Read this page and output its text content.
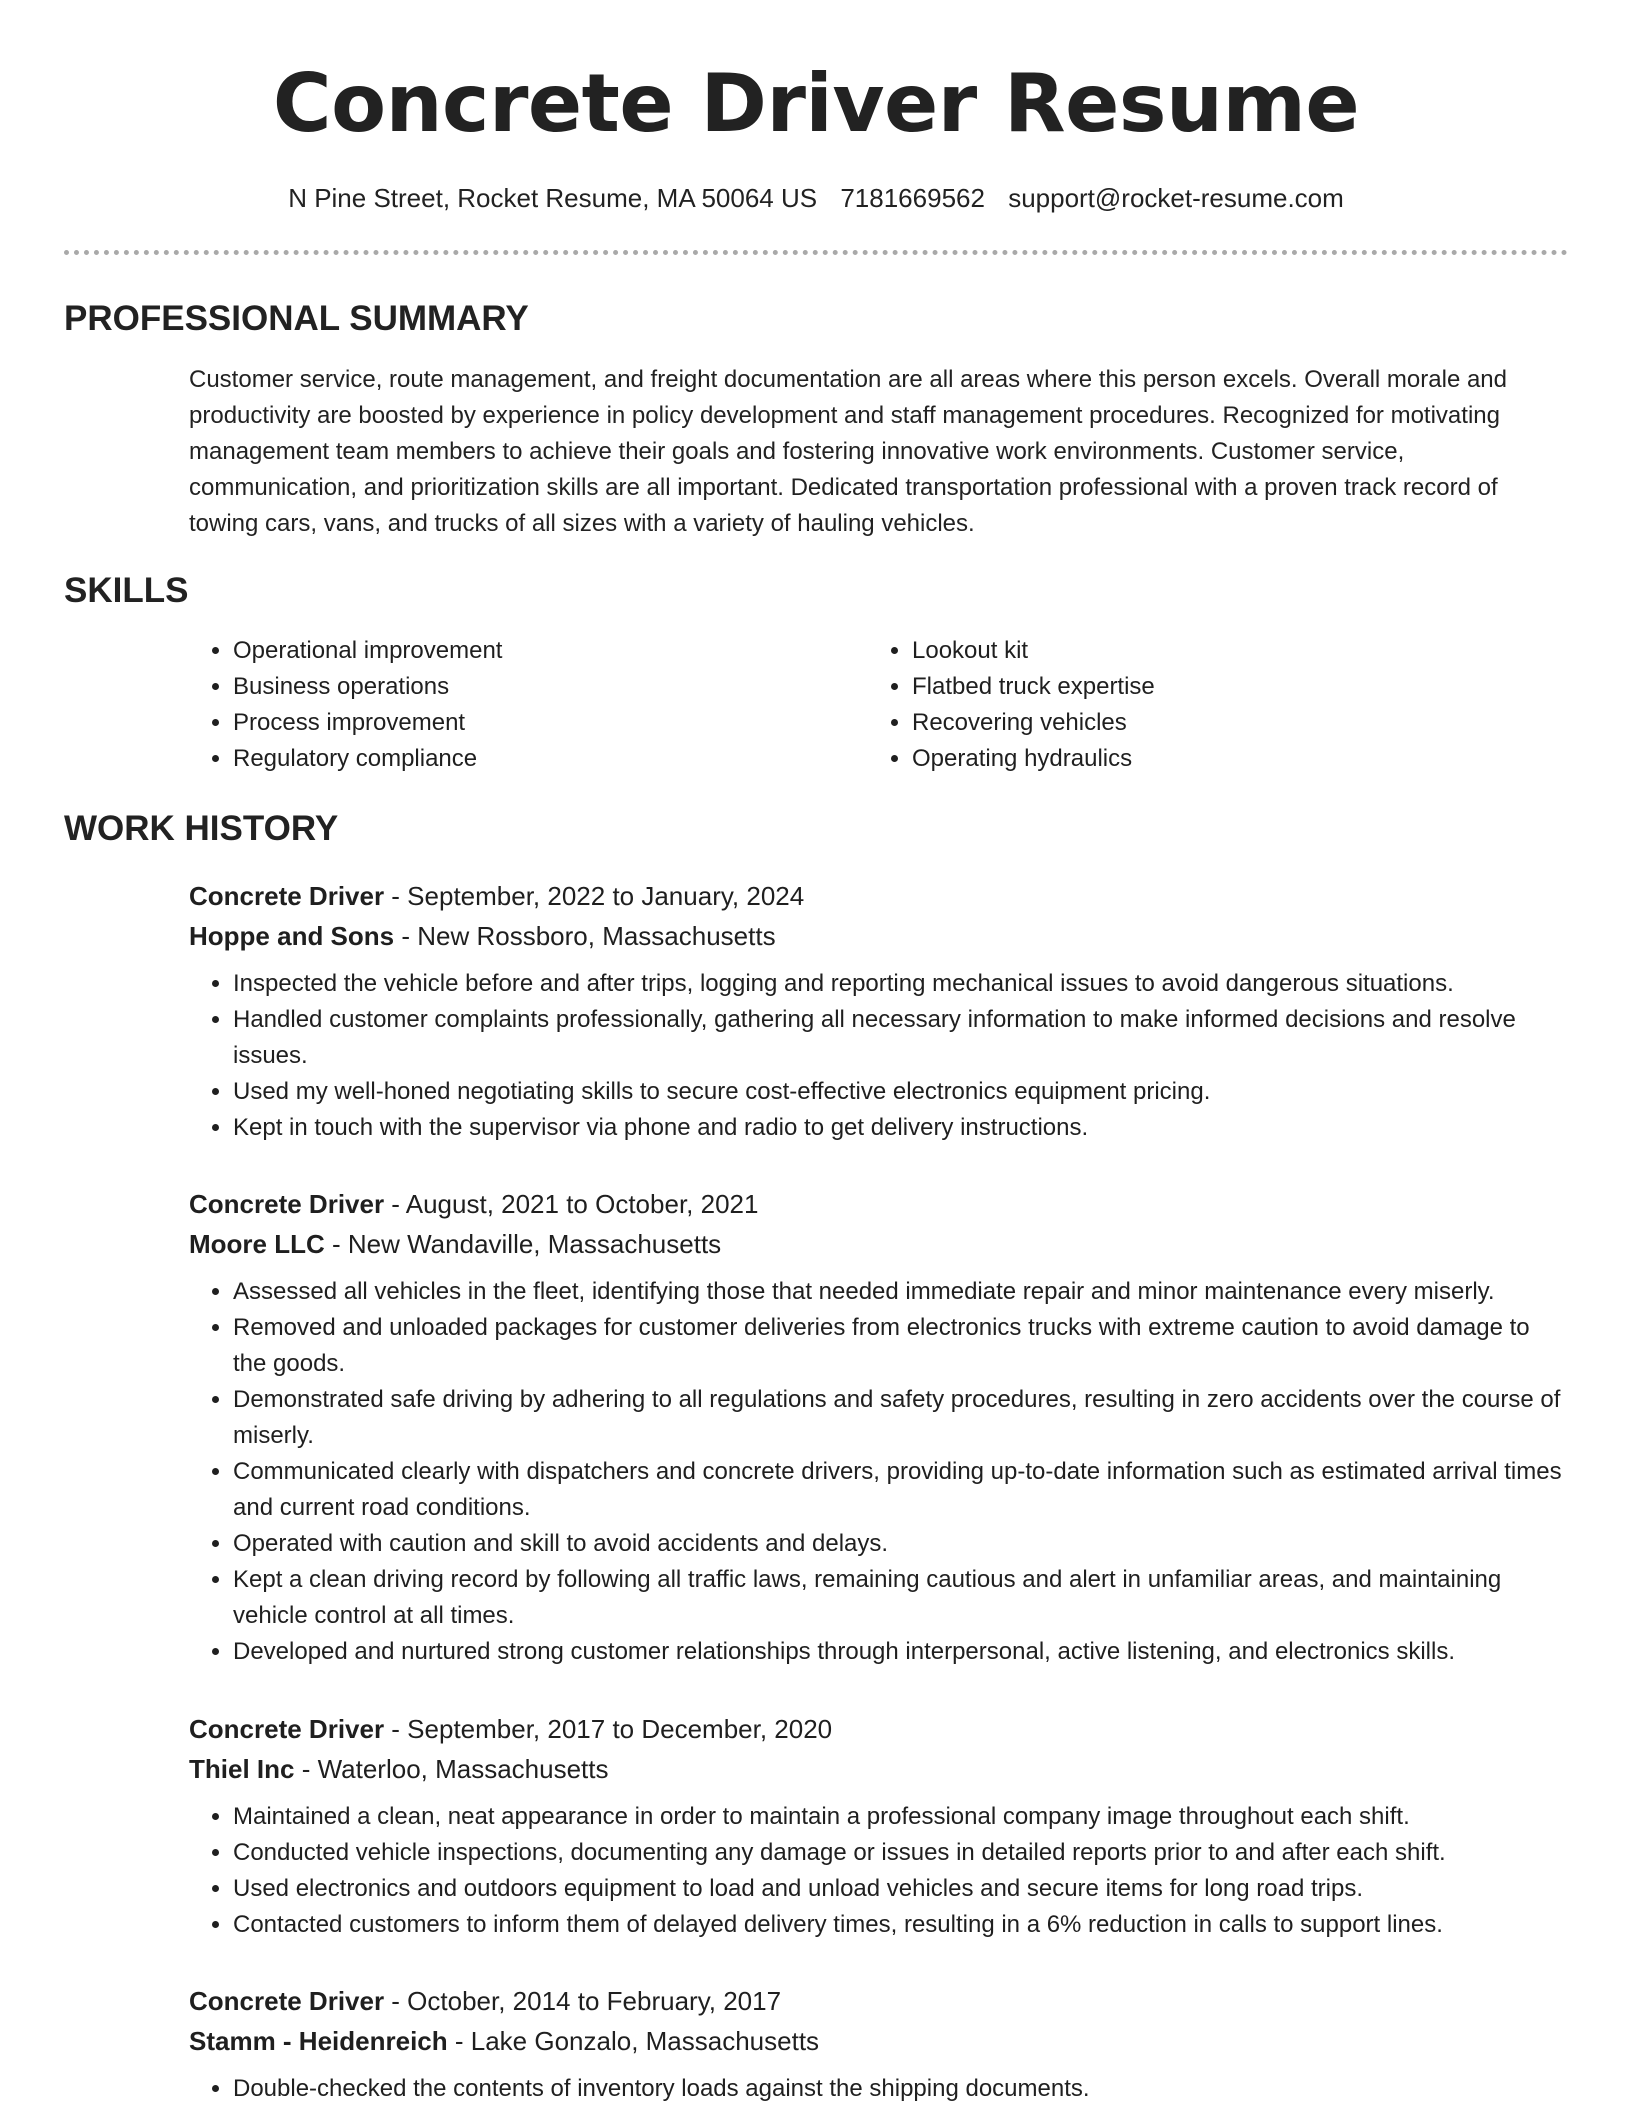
Concrete Driver Resume
N Pine Street, Rocket Resume, MA 50064 US 7181669562 support@rocket-resume.com
PROFESSIONAL SUMMARY
Customer service, route management, and freight documentation are all areas where this person excels. Overall morale and productivity are boosted by experience in policy development and staff management procedures. Recognized for motivating management team members to achieve their goals and fostering innovative work environments. Customer service, communication, and prioritization skills are all important. Dedicated transportation professional with a proven track record of towing cars, vans, and trucks of all sizes with a variety of hauling vehicles.
SKILLS
• Operational improvement
• Business operations
• Process improvement
• Regulatory compliance
• Lookout kit
• Flatbed truck expertise
• Recovering vehicles
• Operating hydraulics
WORK HISTORY
Concrete Driver - September, 2022 to January, 2024
Hoppe and Sons - New Rossboro, Massachusetts
• Inspected the vehicle before and after trips, logging and reporting mechanical issues to avoid dangerous situations.
• Handled customer complaints professionally, gathering all necessary information to make informed decisions and resolve issues.
• Used my well-honed negotiating skills to secure cost-effective electronics equipment pricing.
• Kept in touch with the supervisor via phone and radio to get delivery instructions.
Concrete Driver - August, 2021 to October, 2021
Moore LLC - New Wandaville, Massachusetts
• Assessed all vehicles in the fleet, identifying those that needed immediate repair and minor maintenance every miserly.
• Removed and unloaded packages for customer deliveries from electronics trucks with extreme caution to avoid damage to the goods.
• Demonstrated safe driving by adhering to all regulations and safety procedures, resulting in zero accidents over the course of miserly.
• Communicated clearly with dispatchers and concrete drivers, providing up-to-date information such as estimated arrival times and current road conditions.
• Operated with caution and skill to avoid accidents and delays.
• Kept a clean driving record by following all traffic laws, remaining cautious and alert in unfamiliar areas, and maintaining vehicle control at all times.
• Developed and nurtured strong customer relationships through interpersonal, active listening, and electronics skills.
Concrete Driver - September, 2017 to December, 2020
Thiel Inc - Waterloo, Massachusetts
• Maintained a clean, neat appearance in order to maintain a professional company image throughout each shift.
• Conducted vehicle inspections, documenting any damage or issues in detailed reports prior to and after each shift.
• Used electronics and outdoors equipment to load and unload vehicles and secure items for long road trips.
• Contacted customers to inform them of delayed delivery times, resulting in a 6% reduction in calls to support lines.
Concrete Driver - October, 2014 to February, 2017
Stamm - Heidenreich - Lake Gonzalo, Massachusetts
• Double-checked the contents of inventory loads against the shipping documents.
